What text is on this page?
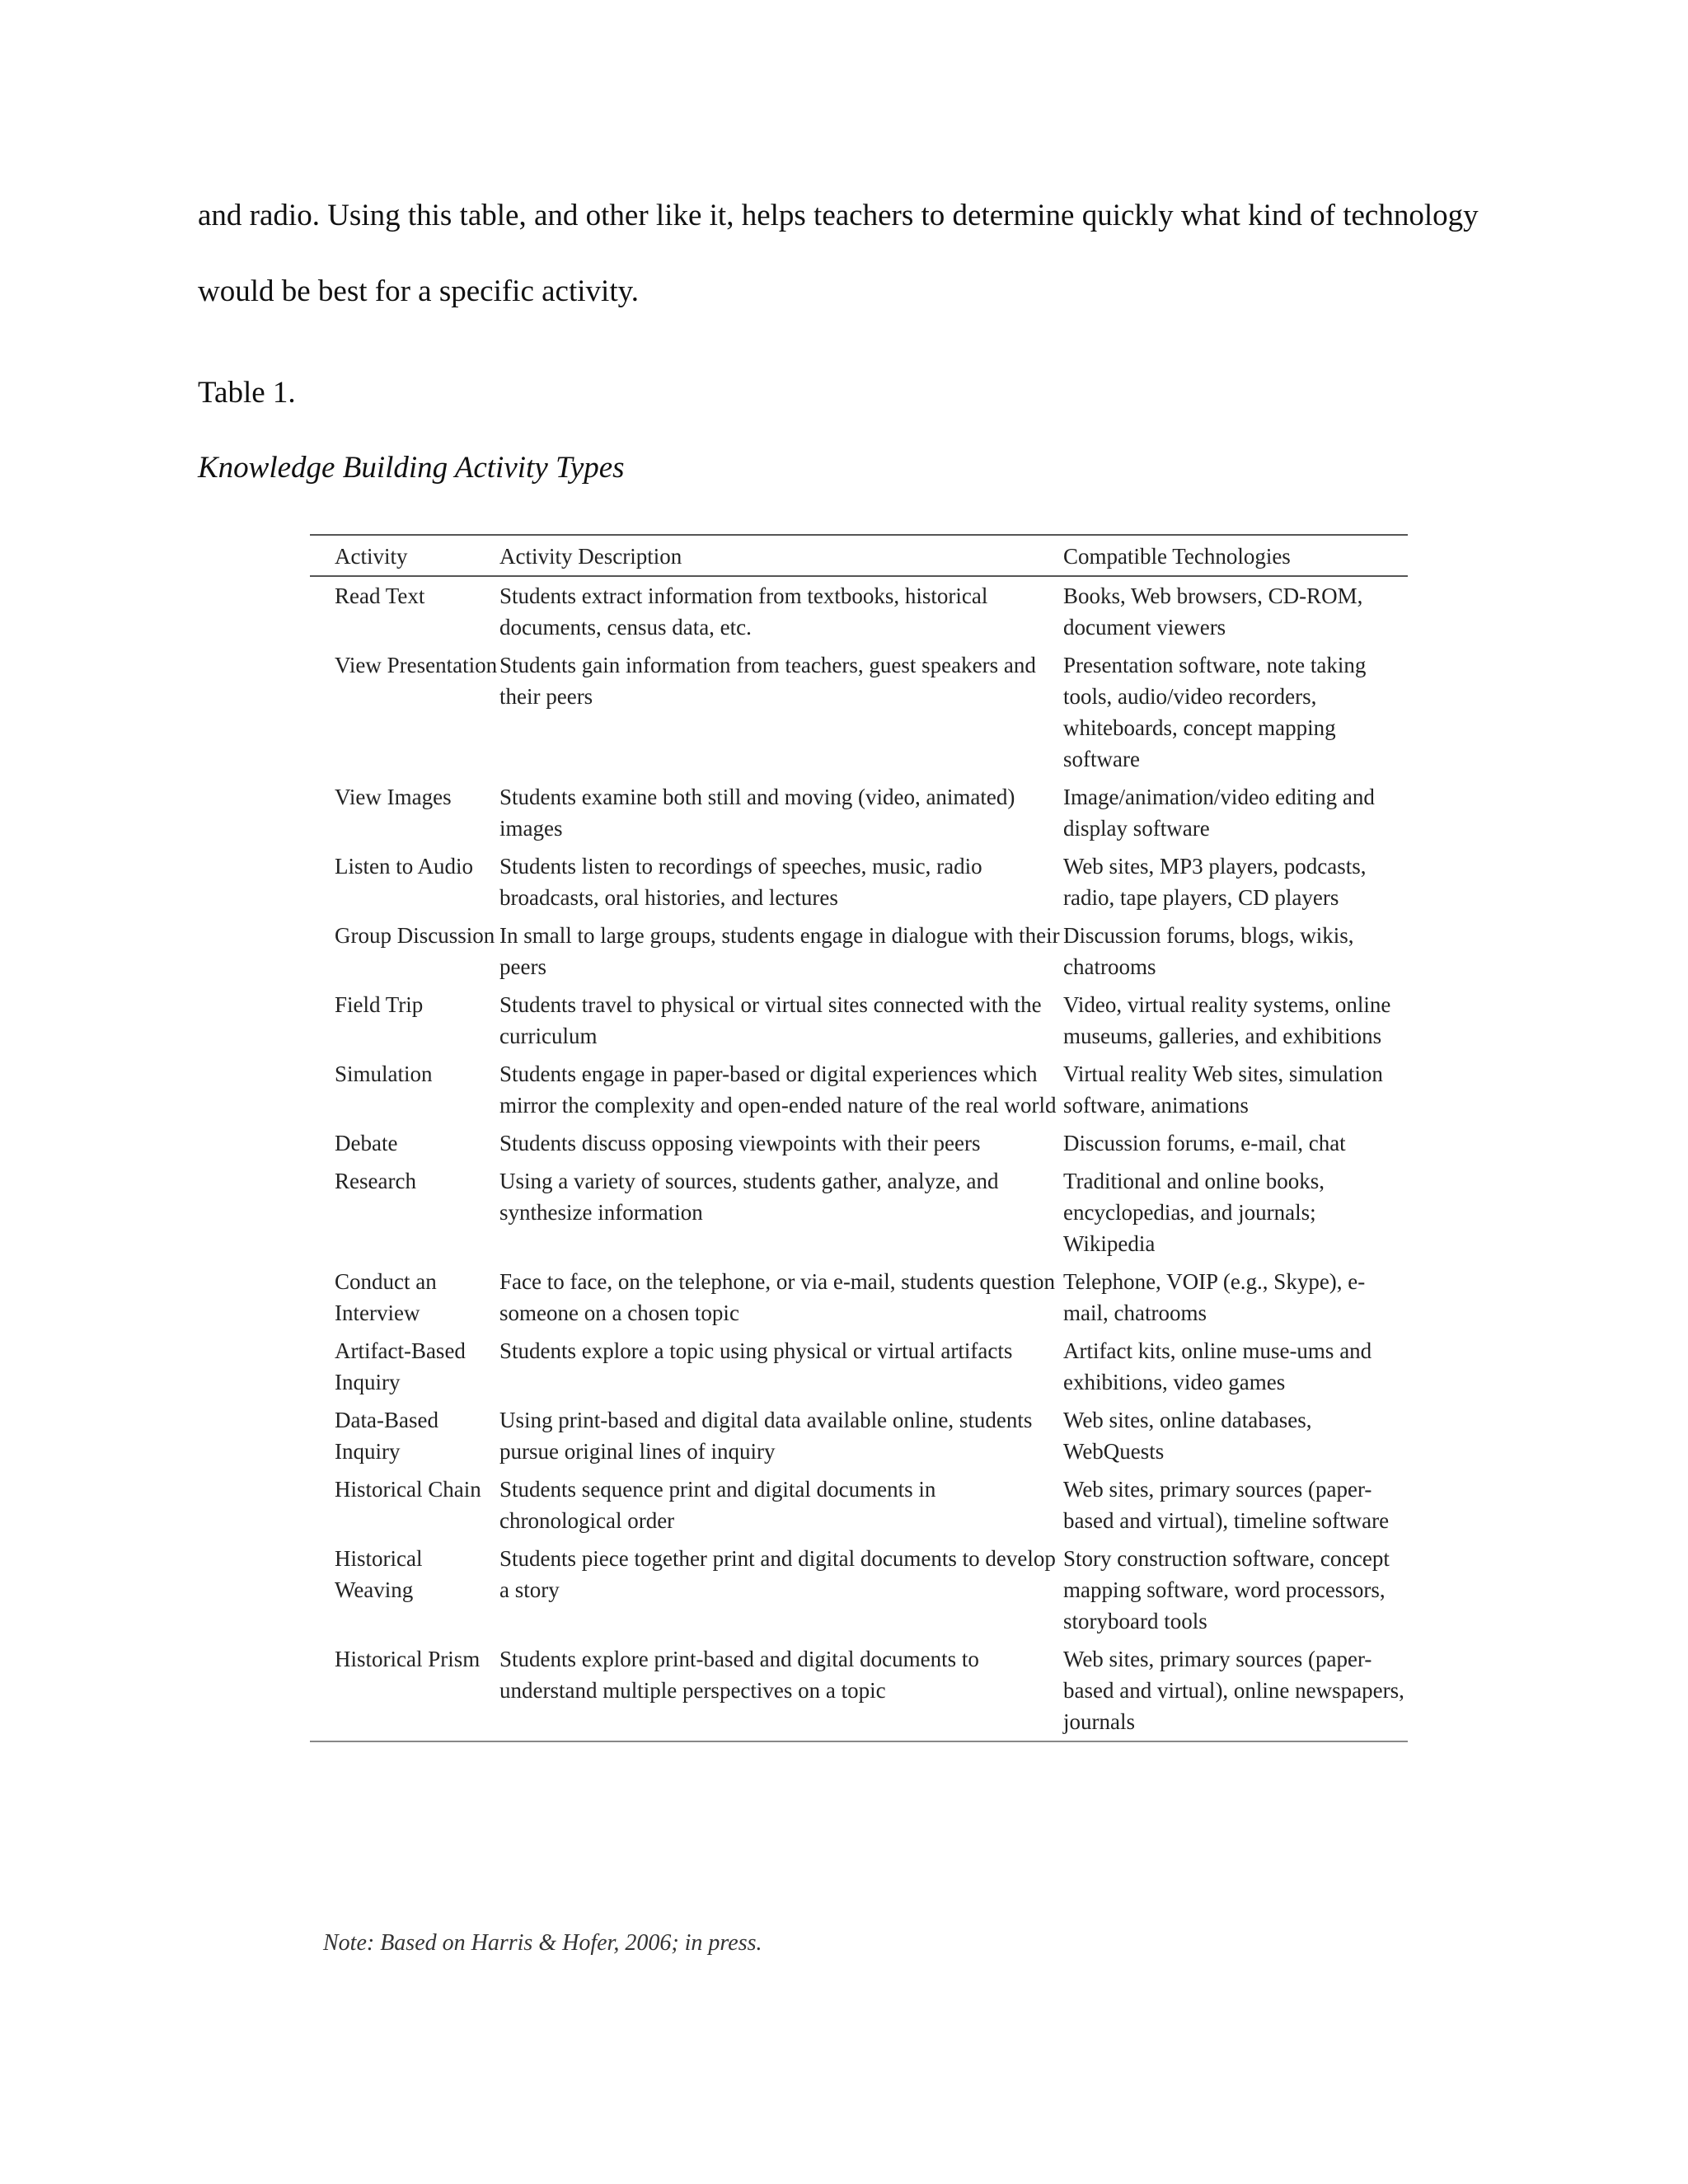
and radio. Using this table, and other like it, helps teachers to determine quickly what kind of technology would be best for a specific activity.

Table 1.

Knowledge Building Activity Types

Activity	Activity Description	Compatible Technologies
Read Text	Students extract information from textbooks, historical documents, census data, etc.	Books, Web browsers, CD-ROM, document viewers
View Presentation	Students gain information from teachers, guest speakers and their peers	Presentation software, note taking tools, audio/video recorders, whiteboards, concept mapping software
View Images	Students examine both still and moving (video, animated) images	Image/animation/video editing and display software
Listen to Audio	Students listen to recordings of speeches, music, radio broadcasts, oral histories, and lectures	Web sites, MP3 players, podcasts, radio, tape players, CD players
Group Discussion	In small to large groups, students engage in dialogue with their peers	Discussion forums, blogs, wikis, chatrooms
Field Trip	Students travel to physical or virtual sites connected with the curriculum	Video, virtual reality systems, online museums, galleries, and exhibitions
Simulation	Students engage in paper-based or digital experiences which mirror the complexity and open-ended nature of the real world	Virtual reality Web sites, simulation software, animations
Debate	Students discuss opposing viewpoints with their peers	Discussion forums, e-mail, chat
Research	Using a variety of sources, students gather, analyze, and synthesize information	Traditional and online books, encyclopedias, and journals; Wikipedia
Conduct an Interview	Face to face, on the telephone, or via e-mail, students question someone on a chosen topic	Telephone, VOIP (e.g., Skype), e-mail, chatrooms
Artifact-Based Inquiry	Students explore a topic using physical or virtual artifacts	Artifact kits, online muse-ums and exhibitions, video games
Data-Based Inquiry	Using print-based and digital data available online, students pursue original lines of inquiry	Web sites, online databases, WebQuests
Historical Chain	Students sequence print and digital documents in chronological order	Web sites, primary sources (paper-based and virtual), timeline software
Historical Weaving	Students piece together print and digital documents to develop a story	Story construction software, concept mapping software, word processors, storyboard tools
Historical Prism	Students explore print-based and digital documents to understand multiple perspectives on a topic	Web sites, primary sources (paper-based and virtual), online newspapers, journals

Note: Based on Harris & Hofer, 2006; in press.
